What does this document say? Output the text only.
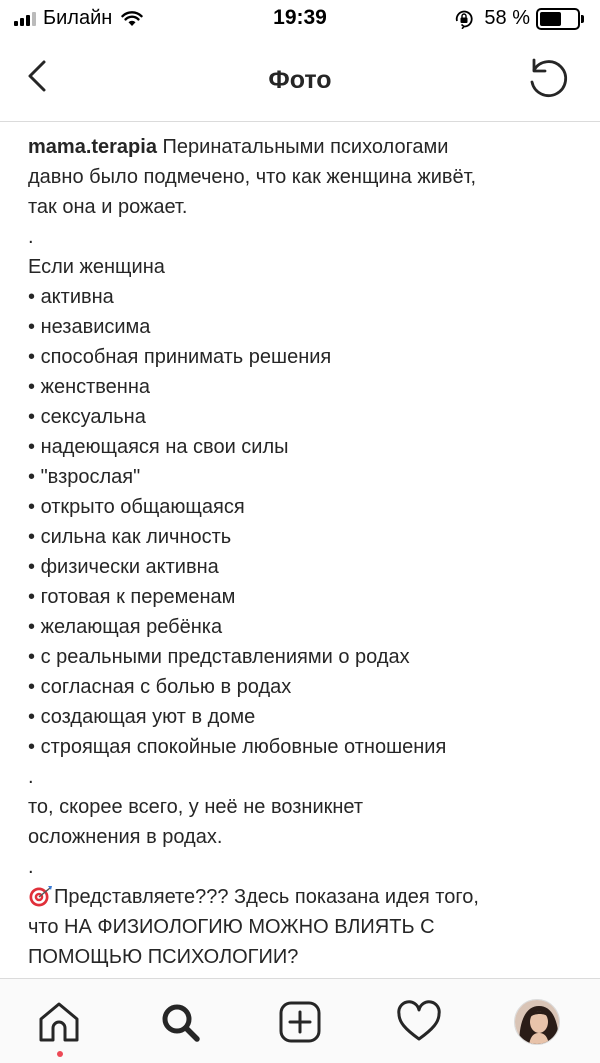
Билайн	19:39	58 %
Фото
mama.terapia Перинатальными психологами
давно было подмечено, что как женщина живёт,
так она и рожает.
.
Если женщина
• активна
• независима
• способная принимать решения
• женственна
• сексуальна
• надеющаяся на свои силы
• "взрослая"
• открыто общающаяся
• сильна как личность
• физически активна
• готовая к переменам
• желающая ребёнка
• с реальными представлениями о родах
• согласная с болью в родах
• создающая уют в доме
• строящая спокойные любовные отношения
.
то, скорее всего, у неё не возникнет
осложнения в родах.
.
Представляете??? Здесь показана идея того,
что НА ФИЗИОЛОГИЮ МОЖНО ВЛИЯТЬ С
ПОМОЩЬЮ ПСИХОЛОГИИ?
